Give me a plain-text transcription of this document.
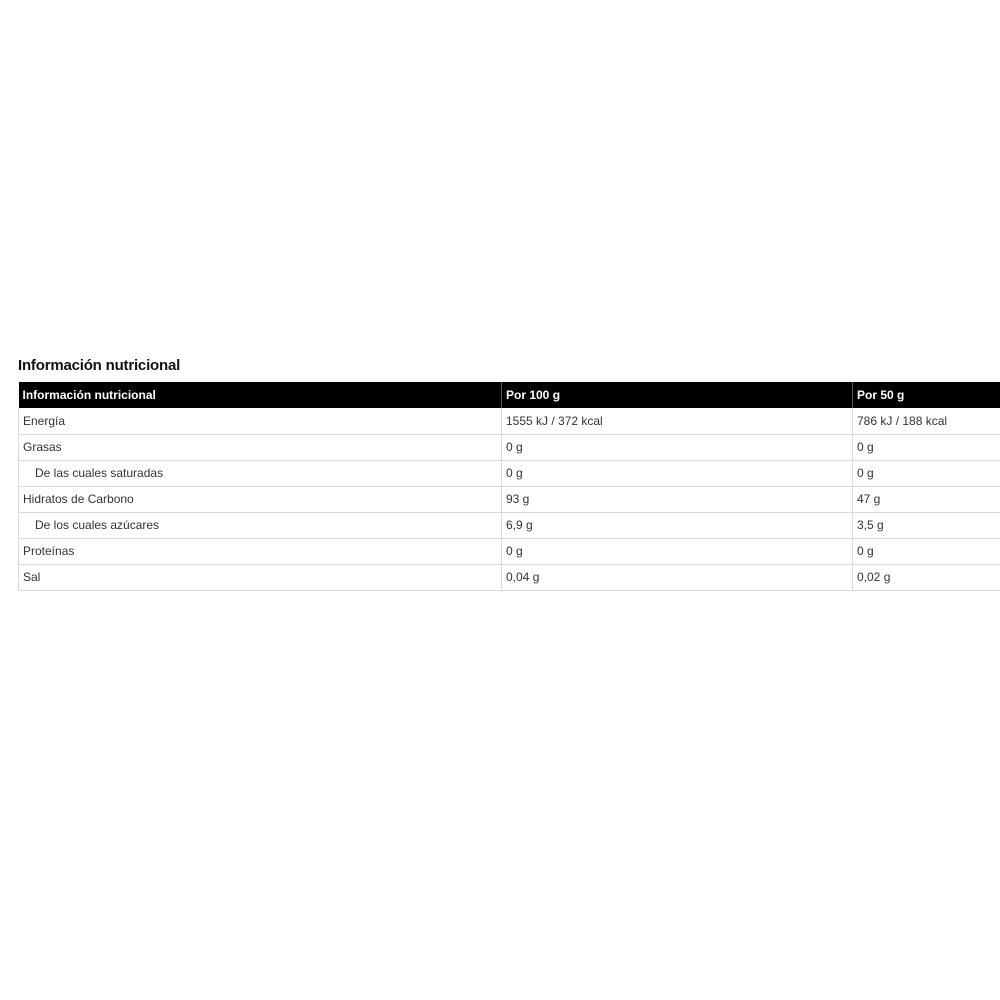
Información nutricional
Información nutricional	Por 100 g	Por 50 g
Energía	1555 kJ / 372 kcal	786 kJ / 188 kcal
Grasas	0 g	0 g
De las cuales saturadas	0 g	0 g
Hidratos de Carbono	93 g	47 g
De los cuales azúcares	6,9 g	3,5 g
Proteínas	0 g	0 g
Sal	0,04 g	0,02 g
